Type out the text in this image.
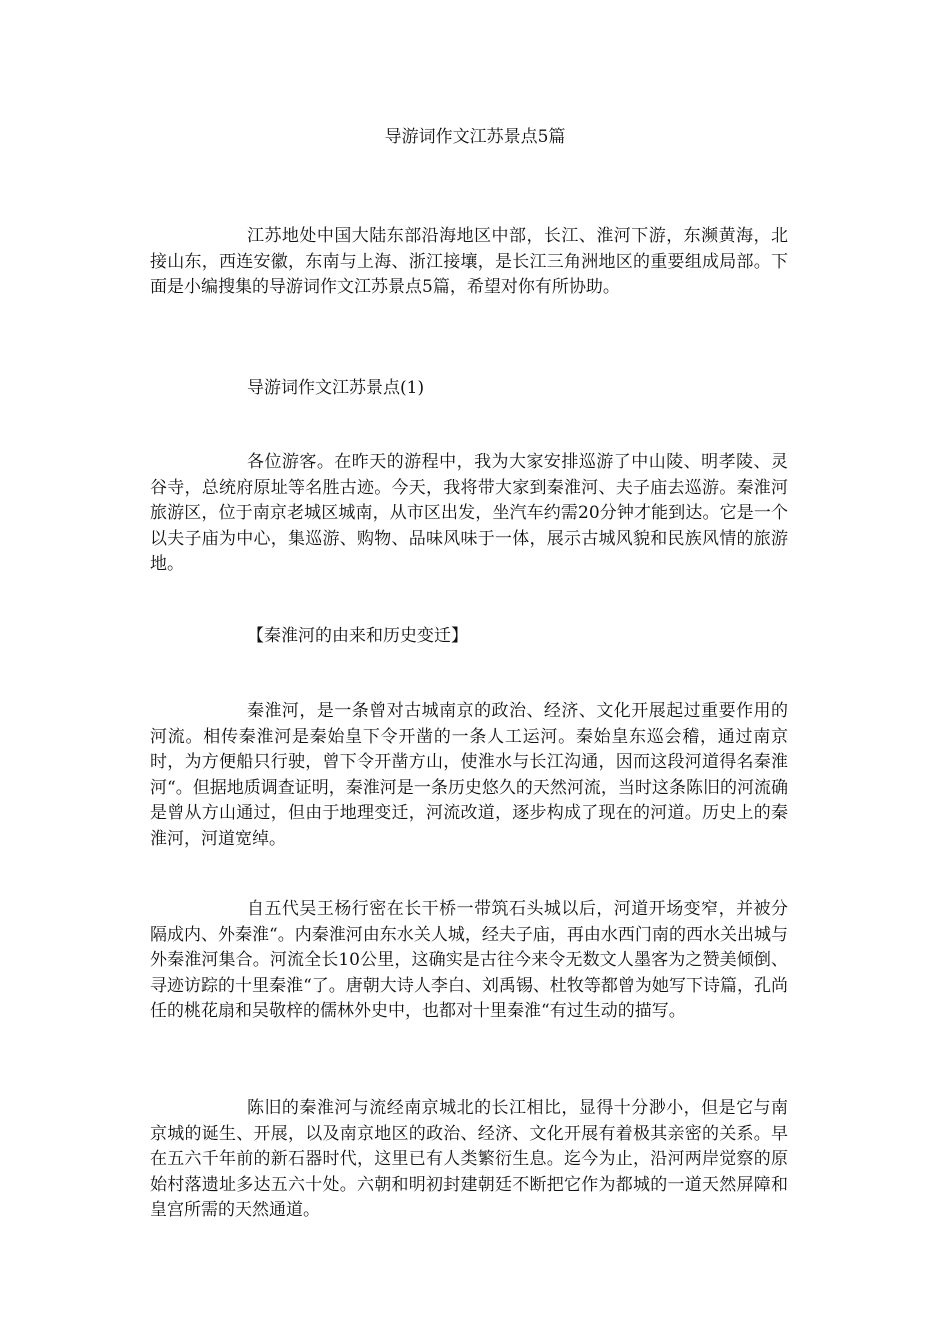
导游词作文江苏景点5篇

江苏地处中国大陆东部沿海地区中部，长江、淮河下游，东濒黄海，北接山东，西连安徽，东南与上海、浙江接壤，是长江三角洲地区的重要组成局部。下面是小编搜集的导游词作文江苏景点5篇，希望对你有所协助。

导游词作文江苏景点(1)

各位游客。在昨天的游程中，我为大家安排巡游了中山陵、明孝陵、灵谷寺，总统府原址等名胜古迹。今天，我将带大家到秦淮河、夫子庙去巡游。秦淮河旅游区，位于南京老城区城南，从市区出发，坐汽车约需20分钟才能到达。它是一个以夫子庙为中心，集巡游、购物、品味风味于一体，展示古城风貌和民族风情的旅游地。

【秦淮河的由来和历史变迁】

秦淮河，是一条曾对古城南京的政治、经济、文化开展起过重要作用的河流。相传秦淮河是秦始皇下令开凿的一条人工运河。秦始皇东巡会稽，通过南京时，为方便船只行驶，曾下令开凿方山，使淮水与长江沟通，因而这段河道得名秦淮河“。但据地质调查证明，秦淮河是一条历史悠久的天然河流，当时这条陈旧的河流确是曾从方山通过，但由于地理变迁，河流改道，逐步构成了现在的河道。历史上的秦淮河，河道宽绰。

自五代吴王杨行密在长干桥一带筑石头城以后，河道开场变窄，并被分隔成内、外秦淮“。内秦淮河由东水关人城，经夫子庙，再由水西门南的西水关出城与外秦淮河集合。河流全长10公里，这确实是古往今来令无数文人墨客为之赞美倾倒、寻迹访踪的十里秦淮“了。唐朝大诗人李白、刘禹锡、杜牧等都曾为她写下诗篇，孔尚任的桃花扇和吴敬梓的儒林外史中，也都对十里秦淮“有过生动的描写。

陈旧的秦淮河与流经南京城北的长江相比，显得十分渺小，但是它与南京城的诞生、开展，以及南京地区的政治、经济、文化开展有着极其亲密的关系。早在五六千年前的新石器时代，这里已有人类繁衍生息。迄今为止，沿河两岸觉察的原始村落遗址多达五六十处。六朝和明初封建朝廷不断把它作为都城的一道天然屏障和皇宫所需的天然通道。
